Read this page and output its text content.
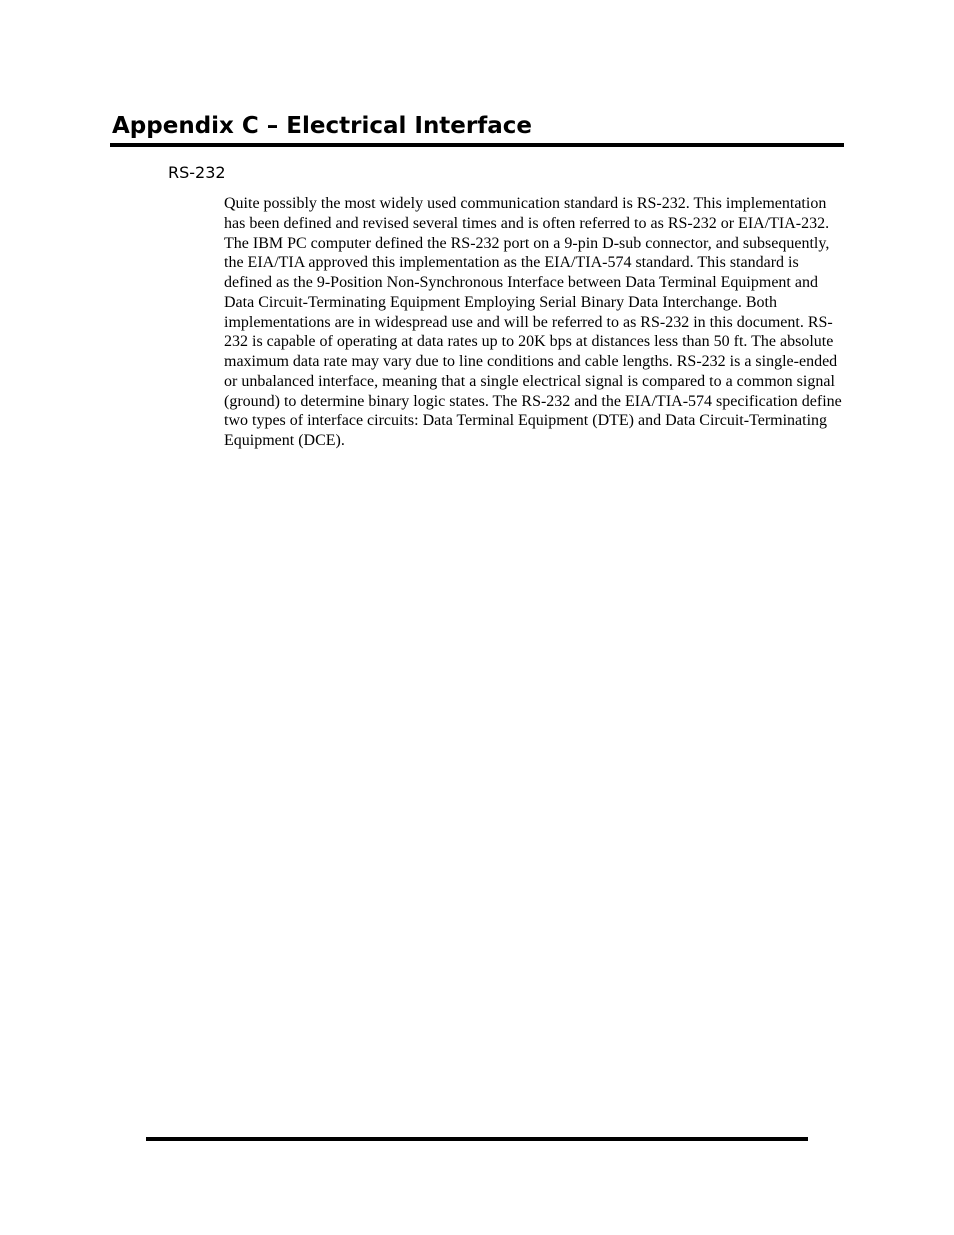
Appendix C – Electrical Interface
RS-232

Quite possibly the most widely used communication standard is RS-232. This implementation has been defined and revised several times and is often referred to as RS-232 or EIA/TIA-232. The IBM PC computer defined the RS-232 port on a 9-pin D-sub connector, and subsequently, the EIA/TIA approved this implementation as the EIA/TIA-574 standard. This standard is defined as the 9-Position Non-Synchronous Interface between Data Terminal Equipment and Data Circuit-Terminating Equipment Employing Serial Binary Data Interchange. Both implementations are in widespread use and will be referred to as RS-232 in this document. RS-232 is capable of operating at data rates up to 20K bps at distances less than 50 ft. The absolute maximum data rate may vary due to line conditions and cable lengths. RS-232 is a single-ended or unbalanced interface, meaning that a single electrical signal is compared to a common signal (ground) to determine binary logic states. The RS-232 and the EIA/TIA-574 specification define two types of interface circuits: Data Terminal Equipment (DTE) and Data Circuit-Terminating Equipment (DCE).
